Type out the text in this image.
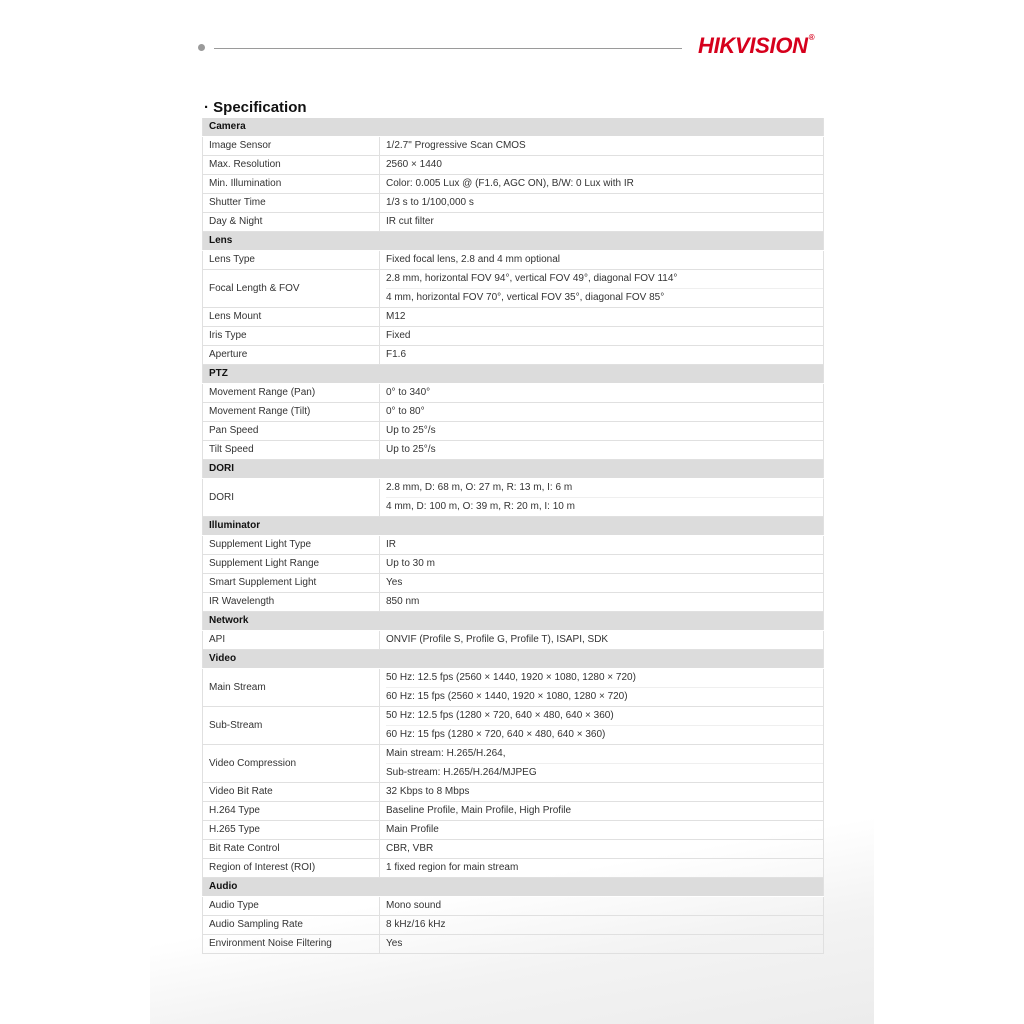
HIKVISION®
· Specification
Camera	
Image Sensor	1/2.7" Progressive Scan CMOS
Max. Resolution	2560 × 1440
Min. Illumination	Color: 0.005 Lux @ (F1.6, AGC ON), B/W: 0 Lux with IR
Shutter Time	1/3 s to 1/100,000 s
Day & Night	IR cut filter
Lens	
Lens Type	Fixed focal lens, 2.8 and 4 mm optional
Focal Length & FOV	2.8 mm, horizontal FOV 94°, vertical FOV 49°, diagonal FOV 114°
4 mm, horizontal FOV 70°, vertical FOV 35°, diagonal FOV 85°

Lens Mount	M12
Iris Type	Fixed
Aperture	F1.6
PTZ	
Movement Range (Pan)	0° to 340°
Movement Range (Tilt)	0° to 80°
Pan Speed	Up to 25°/s
Tilt Speed	Up to 25°/s
DORI	
DORI	2.8 mm, D: 68 m, O: 27 m, R: 13 m, I: 6 m
4 mm, D: 100 m, O: 39 m, R: 20 m, I: 10 m

Illuminator	
Supplement Light Type	IR
Supplement Light Range	Up to 30 m
Smart Supplement Light	Yes
IR Wavelength	850 nm
Network	
API	ONVIF (Profile S, Profile G, Profile T), ISAPI, SDK
Video	
Main Stream	50 Hz: 12.5 fps (2560 × 1440, 1920 × 1080, 1280 × 720)
60 Hz: 15 fps (2560 × 1440, 1920 × 1080, 1280 × 720)

Sub-Stream	50 Hz: 12.5 fps (1280 × 720, 640 × 480, 640 × 360)
60 Hz: 15 fps (1280 × 720, 640 × 480, 640 × 360)

Video Compression	Main stream: H.265/H.264,
Sub-stream: H.265/H.264/MJPEG

Video Bit Rate	32 Kbps to 8 Mbps
H.264 Type	Baseline Profile, Main Profile, High Profile
H.265 Type	Main Profile
Bit Rate Control	CBR, VBR
Region of Interest (ROI)	1 fixed region for main stream
Audio	
Audio Type	Mono sound
Audio Sampling Rate	8 kHz/16 kHz
Environment Noise Filtering	Yes
